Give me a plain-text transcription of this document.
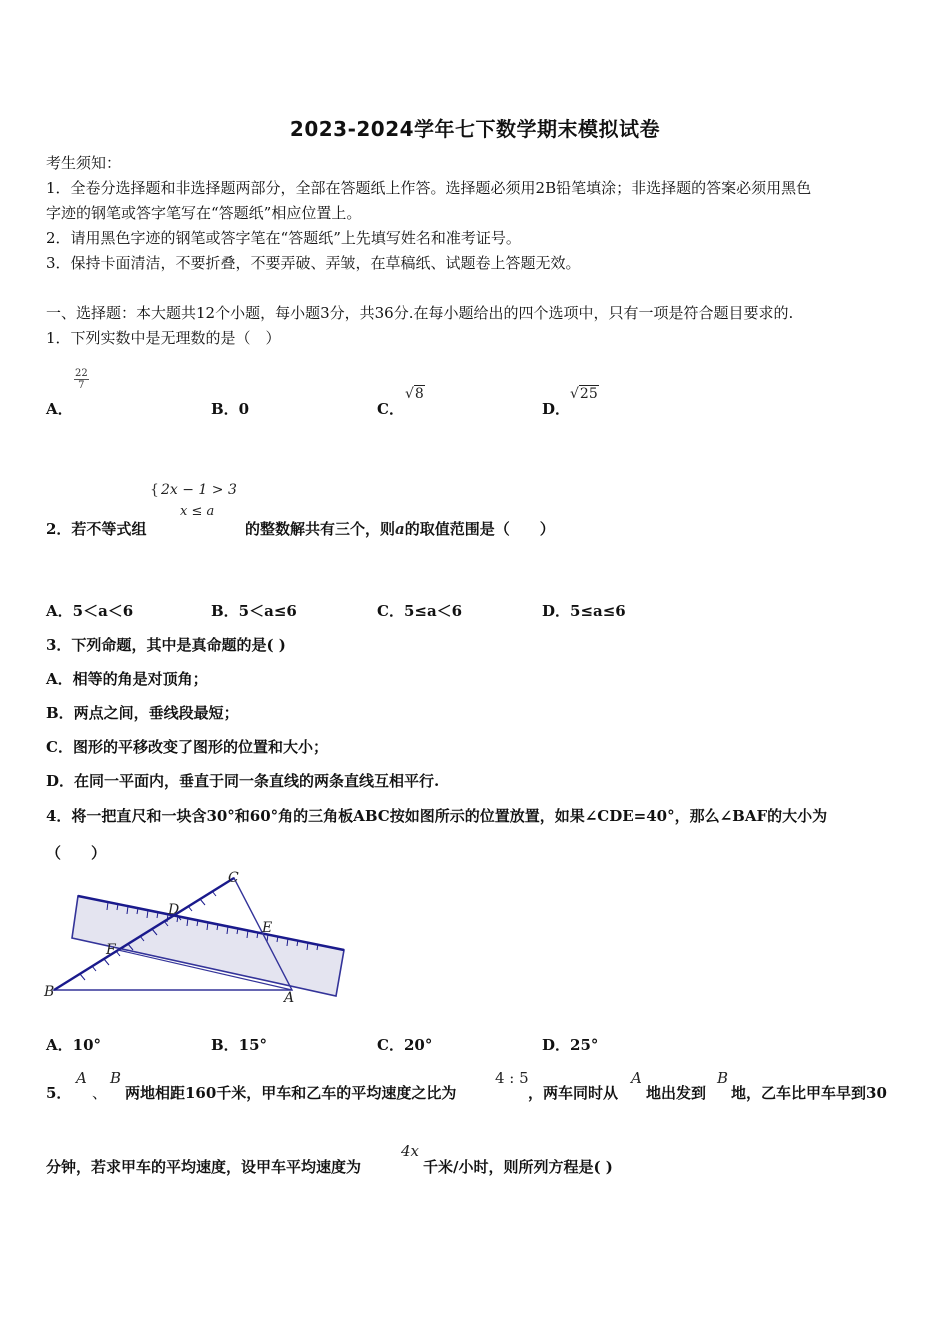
2023-2024学年七下数学期末模拟试卷
考生须知：
1．全卷分选择题和非选择题两部分，全部在答题纸上作答。选择题必须用2B铅笔填涂；非选择题的答案必须用黑色
字迹的钢笔或答字笔写在“答题纸”相应位置上。
2．请用黑色字迹的钢笔或答字笔在“答题纸”上先填写姓名和准考证号。
3．保持卡面清洁，不要折叠，不要弄破、弄皱，在草稿纸、试题卷上答题无效。
一、选择题：本大题共12个小题，每小题3分，共36分.在每小题给出的四个选项中，只有一项是符合题目要求的.
1．下列实数中是无理数的是（　）
A．
$\frac{22}{7}$
B．0	C．
√8
D．
√25
{ 2x − 1 > 3
x ≤ a
2．若不等式组	的整数解共有三个，则a的取值范围是（　　）
A．5＜a＜6	B．5＜a≤6	C．5≤a＜6	D．5≤a≤6
3．下列命题，其中是真命题的是( )
A．相等的角是对顶角；
B．两点之间，垂线段最短；
C．图形的平移改变了图形的位置和大小；
D．在同一平面内，垂直于同一条直线的两条直线互相平行.
4．将一把直尺和一块含30°和60°角的三角板ABC按如图所示的位置放置，如果∠CDE=40°，那么∠BAF的大小为
（　　）
C
D
E
F
B	A
A．10°	B．15°	C．20°	D．25°
5．
A
、
B
两地相距160千米，甲车和乙车的平均速度之比为
4 : 5
，两车同时从
A
地出发到
B
地，乙车比甲车早到30
分钟，若求甲车的平均速度，设甲车平均速度为
4x
千米/小时，则所列方程是( )
